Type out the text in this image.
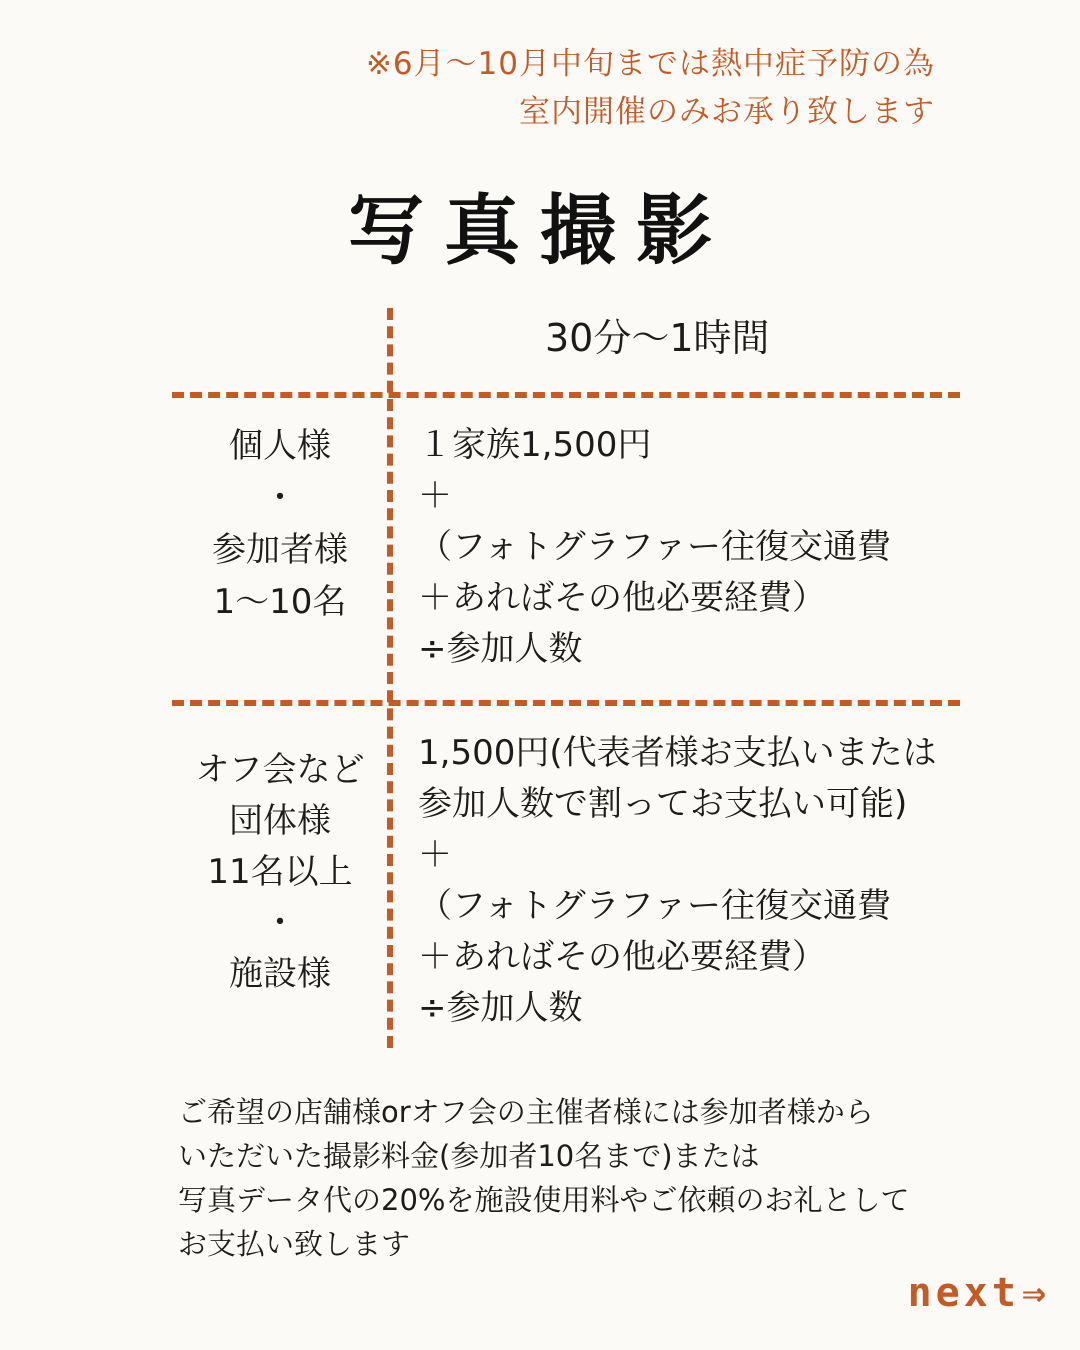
※6月〜10月中旬までは熱中症予防の為
室内開催のみお承り致します
写真撮影
30分〜1時間
個人様
・
参加者様
1〜10名
１家族1,500円
＋
（フォトグラファー往復交通費
＋あればその他必要経費）
÷参加人数
オフ会など
団体様
11名以上
・
施設様
1,500円(代表者様お支払いまたは
参加人数で割ってお支払い可能)
＋
（フォトグラファー往復交通費
＋あればその他必要経費）
÷参加人数
ご希望の店舗様orオフ会の主催者様には参加者様から
いただいた撮影料金(参加者10名まで)または
写真データ代の20%を施設使用料やご依頼のお礼として
お支払い致します
next⇒
